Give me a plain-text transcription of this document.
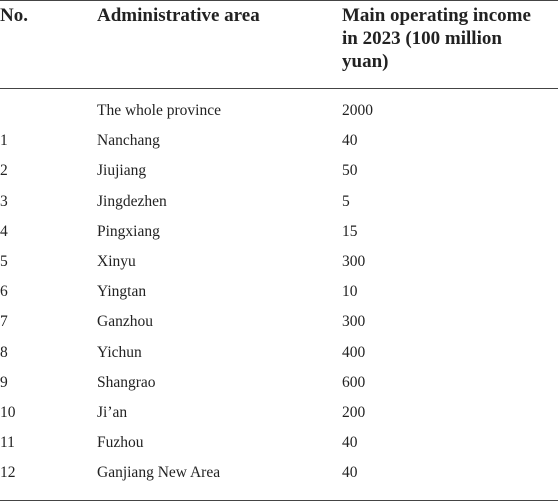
No.	Administrative area	Main operating income
in 2023 (100 million
yuan)
	The whole province	2000
1	Nanchang	40
2	Jiujiang	50
3	Jingdezhen	5
4	Pingxiang	15
5	Xinyu	300
6	Yingtan	10
7	Ganzhou	300
8	Yichun	400
9	Shangrao	600
10	Ji’an	200
11	Fuzhou	40
12	Ganjiang New Area	40
